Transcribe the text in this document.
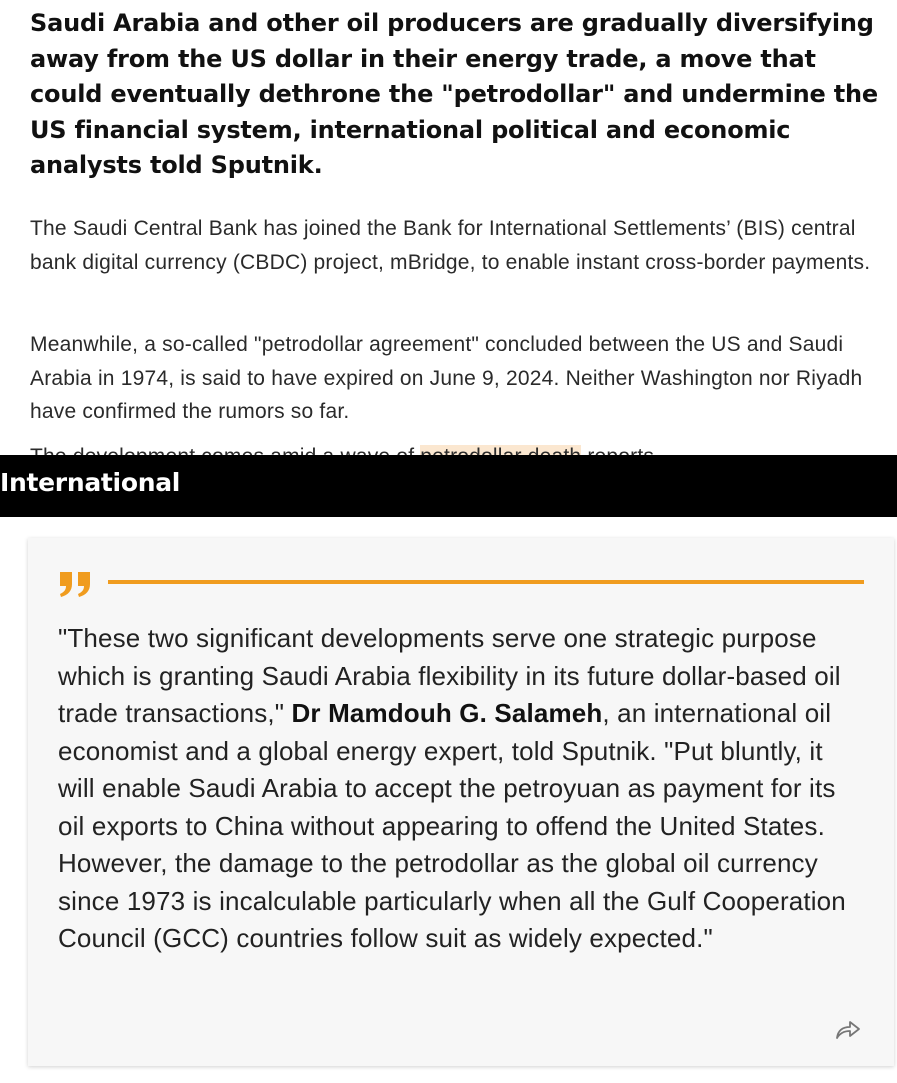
Saudi Arabia and other oil producers are gradually diversifying away from the US dollar in their energy trade, a move that could eventually dethrone the "petrodollar" and undermine the US financial system, international political and economic analysts told Sputnik.

The Saudi Central Bank has joined the Bank for International Settlements’ (BIS) central bank digital currency (CBDC) project, mBridge, to enable instant cross-border payments.

Meanwhile, a so-called "petrodollar agreement" concluded between the US and Saudi Arabia in 1974, is said to have expired on June 9, 2024. Neither Washington nor Riyadh have confirmed the rumors so far.

International

"These two significant developments serve one strategic purpose which is granting Saudi Arabia flexibility in its future dollar-based oil trade transactions," Dr Mamdouh G. Salameh, an international oil economist and a global energy expert, told Sputnik. "Put bluntly, it will enable Saudi Arabia to accept the petroyuan as payment for its oil exports to China without appearing to offend the United States. However, the damage to the petrodollar as the global oil currency since 1973 is incalculable particularly when all the Gulf Cooperation Council (GCC) countries follow suit as widely expected."
